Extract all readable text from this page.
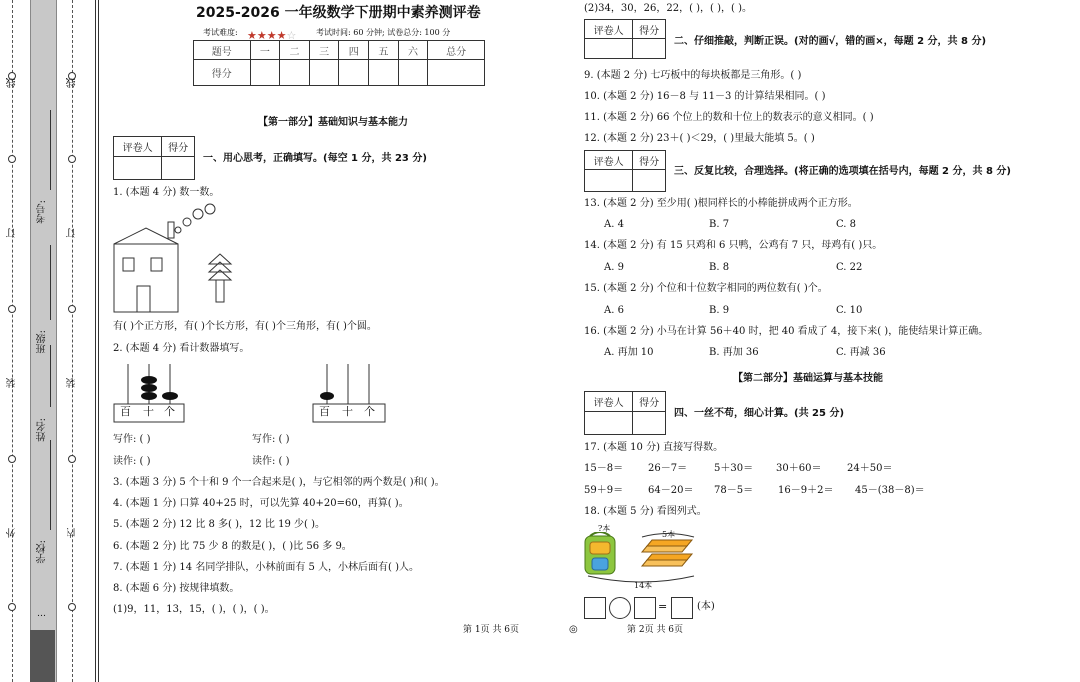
线
订
装
外
线
订
装
内
考号:
班级:
姓名:
学校:
…
2025-2026 一年级数学下册期中素养测评卷
考试难度: ★★★★☆ 考试时间: 60 分钟; 试卷总分: 100 分
题号	一	二	三	四	五	六	总分
得分							
【第一部分】基础知识与基本能力
评卷人	得分

一、用心思考，正确填写。(每空 1 分，共 23 分)
1. (本题 4 分) 数一数。
有( )个正方形，有( )个长方形，有( )个三角形，有( )个圆。
2. (本题 4 分) 看计数器填写。
百 十 个	百 十 个
写作: ( )	写作: ( )
读作: ( )	读作: ( )
3. (本题 3 分) 5 个十和 9 个一合起来是( )，与它相邻的两个数是( )和( )。
4. (本题 1 分) 口算 40+25 时，可以先算 40+20=60，再算( )。
5. (本题 2 分) 12 比 8 多( )，12 比 19 少( )。
6. (本题 2 分) 比 75 少 8 的数是( )，( )比 56 多 9。
7. (本题 1 分) 14 名同学排队，小林前面有 5 人，小林后面有( )人。
8. (本题 6 分) 按规律填数。
(1)9，11，13，15，( )，( )，( )。
第 1页 共 6页	◎
(2)34，30，26，22，( )，( )，( )。
评卷人	得分

二、仔细推敲，判断正误。(对的画√，错的画×，每题 2 分，共 8 分)
9. (本题 2 分) 七巧板中的每块板都是三角形。( )
10. (本题 2 分) 16－8 与 11－3 的计算结果相同。( )
11. (本题 2 分) 66 个位上的数和十位上的数表示的意义相同。( )
12. (本题 2 分) 23＋( )＜29，( )里最大能填 5。( )
评卷人	得分

三、反复比较，合理选择。(将正确的选项填在括号内，每题 2 分，共 8 分)
13. (本题 2 分) 至少用( )根同样长的小棒能拼成两个正方形。
A. 4	B. 7	C. 8
14. (本题 2 分) 有 15 只鸡和 6 只鸭，公鸡有 7 只，母鸡有( )只。
A. 9	B. 8	C. 22
15. (本题 2 分) 个位和十位数字相同的两位数有( )个。
A. 6	B. 9	C. 10
16. (本题 2 分) 小马在计算 56＋40 时，把 40 看成了 4，接下来( )，能使结果计算正确。
A. 再加 10	B. 再加 36	C. 再减 36
【第二部分】基础运算与基本技能
评卷人	得分

四、一丝不苟，细心计算。(共 25 分)
17. (本题 10 分) 直接写得数。
15－8＝ 26－7＝	5＋30＝ 30＋60＝	24＋50＝
59＋9＝ 64－20＝ 78－5＝ 16－9＋2＝ 45－(38－8)＝
18. (本题 5 分) 看图列式。
?本
5本
14本
=	(本)
第 2页 共 6页
